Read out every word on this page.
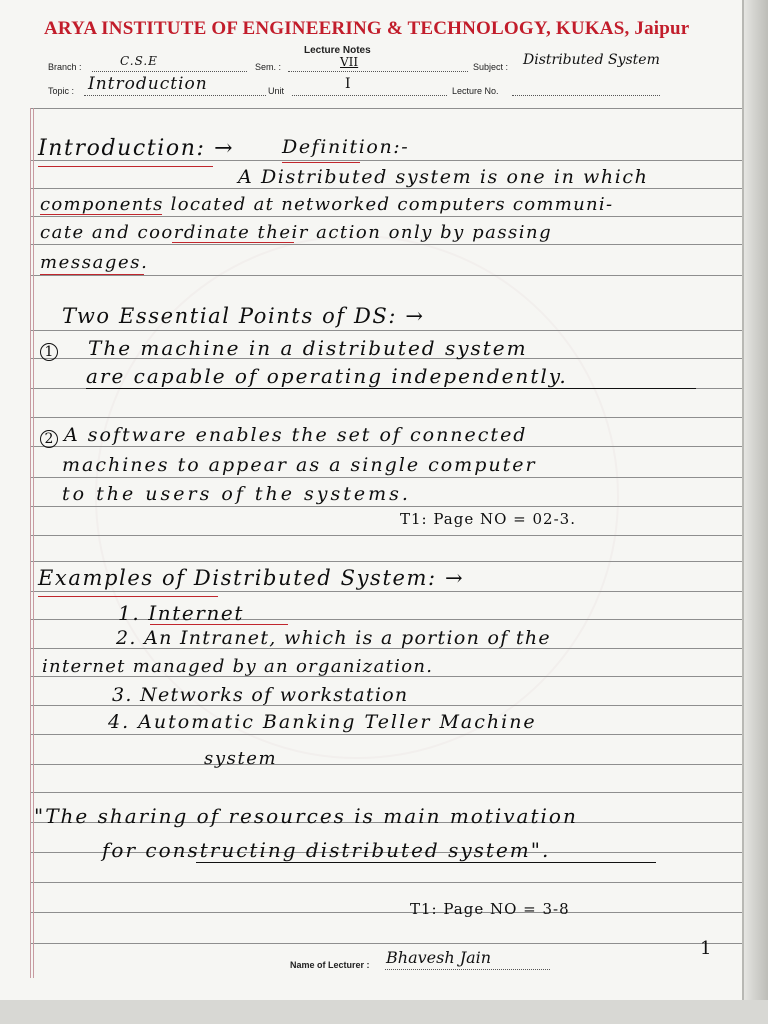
ARYA INSTITUTE OF ENGINEERING & TECHNOLOGY, KUKAS, Jaipur
Lecture Notes
Branch :	C.S.E	Sem. :	VII	Subject : Distributed System
Topic : Introduction	Unit	I	Lecture No.
Introduction: →	Definition:-
A Distributed system is one in which
components located at networked computers communi-
cate and coordinate their action only by passing
messages.
Two Essential Points of DS: →
1 The machine in a distributed system
are capable of operating independently.
2 A software enables the set of connected
machines to appear as a single computer
to the users of the systems.
T1: Page NO = 02-3.
Examples of Distributed System: →
1. Internet
2. An Intranet, which is a portion of the
internet managed by an organization.
3. Networks of workstation
4. Automatic Banking Teller Machine
system
"The sharing of resources is main motivation
for constructing distributed system".
T1: Page NO = 3-8
Name of Lecturer : Bhavesh Jain	1
